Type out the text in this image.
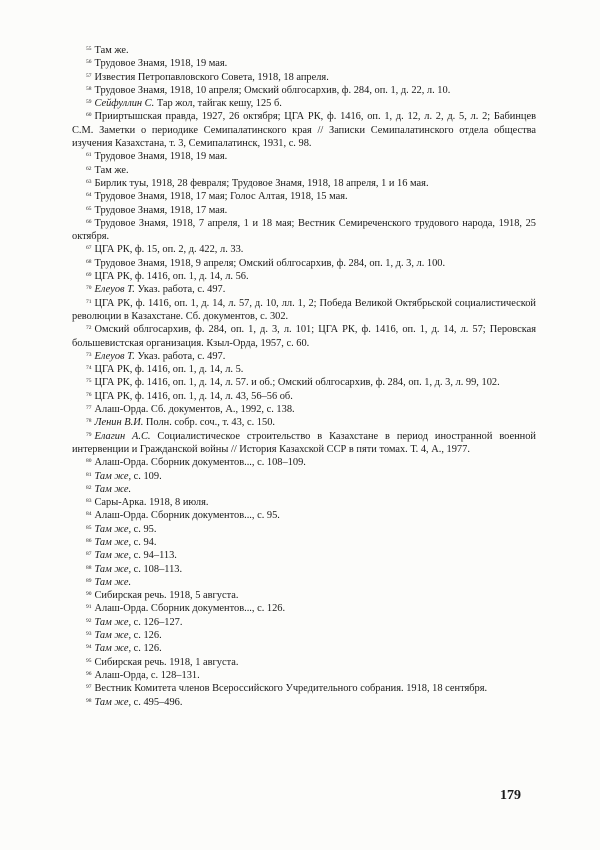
$^{55}$ Там же.

$^{56}$ Трудовое Знамя, 1918, 19 мая.

$^{57}$ Известия Петропавловского Совета, 1918, 18 апреля.

$^{58}$ Трудовое Знамя, 1918, 10 апреля; Омский облгосархив, ф. 284, оп. 1, д. 22, л. 10.

$^{59}$ Сейфуллин С. Тар жол, тайгак кешу, 125 б.

$^{60}$ Прииртышская правда, 1927, 26 октября; ЦГА РК, ф. 1416, оп. 1, д. 12, л. 2, д. 5, л. 2; Бабинцев С.М. Заметки о периодике Семипалатинского края // Записки Семипалатинского отдела общества изучения Казахстана, т. 3, Семипалатинск, 1931, с. 98.

$^{61}$ Трудовое Знамя, 1918, 19 мая.

$^{62}$ Там же.

$^{63}$ Бирлик туы, 1918, 28 февраля; Трудовое Знамя, 1918, 18 апреля, 1 и 16 мая.

$^{64}$ Трудовое Знамя, 1918, 17 мая; Голос Алтая, 1918, 15 мая.

$^{65}$ Трудовое Знамя, 1918, 17 мая.

$^{66}$ Трудовое Знамя, 1918, 7 апреля, 1 и 18 мая; Вестник Семиреченского трудового народа, 1918, 25 октября.

$^{67}$ ЦГА РК, ф. 15, оп. 2, д. 422, л. 33.

$^{68}$ Трудовое Знамя, 1918, 9 апреля; Омский облгосархив, ф. 284, оп. 1, д. 3, л. 100.

$^{69}$ ЦГА РК, ф. 1416, оп. 1, д. 14, л. 56.

$^{70}$ Елеуов Т. Указ. работа, с. 497.

$^{71}$ ЦГА РК, ф. 1416, оп. 1, д. 14, л. 57, д. 10, лл. 1, 2; Победа Великой Октябрьской социалистической революции в Казахстане. Сб. документов, с. 302.

$^{72}$ Омский облгосархив, ф. 284, оп. 1, д. 3, л. 101; ЦГА РК, ф. 1416, оп. 1, д. 14, л. 57; Перовская большевистская организация. Кзыл-Орда, 1957, с. 60.

$^{73}$ Елеуов Т. Указ. работа, с. 497.

$^{74}$ ЦГА РК, ф. 1416, оп. 1, д. 14, л. 5.

$^{75}$ ЦГА РК, ф. 1416, оп. 1, д. 14, л. 57. и об.; Омский облгосархив, ф. 284, оп. 1, д. 3, л. 99, 102.

$^{76}$ ЦГА РК, ф. 1416, оп. 1, д. 14, л. 43, 56–56 об.

$^{77}$ Алаш-Орда. Сб. документов, А., 1992, с. 138.

$^{78}$ Ленин В.И. Полн. собр. соч., т. 43, с. 150.

$^{79}$ Елагин А.С. Социалистическое строительство в Казахстане в период иностранной военной интервенции и Гражданской войны // История Казахской ССР в пяти томах. Т. 4, А., 1977.

$^{80}$ Алаш-Орда. Сборник документов..., с. 108–109.

$^{81}$ Там же, с. 109.

$^{82}$ Там же.

$^{83}$ Сары-Арка. 1918, 8 июля.

$^{84}$ Алаш-Орда. Сборник документов..., с. 95.

$^{85}$ Там же, с. 95.

$^{86}$ Там же, с. 94.

$^{87}$ Там же, с. 94–113.

$^{88}$ Там же, с. 108–113.

$^{89}$ Там же.

$^{90}$ Сибирская речь. 1918, 5 августа.

$^{91}$ Алаш-Орда. Сборник документов..., с. 126.

$^{92}$ Там же, с. 126–127.

$^{93}$ Там же, с. 126.

$^{94}$ Там же, с. 126.

$^{95}$ Сибирская речь. 1918, 1 августа.

$^{96}$ Алаш-Орда, с. 128–131.

$^{97}$ Вестник Комитета членов Всероссийского Учредительного собрания. 1918, 18 сентября.

$^{98}$ Там же, с. 495–496.

179
